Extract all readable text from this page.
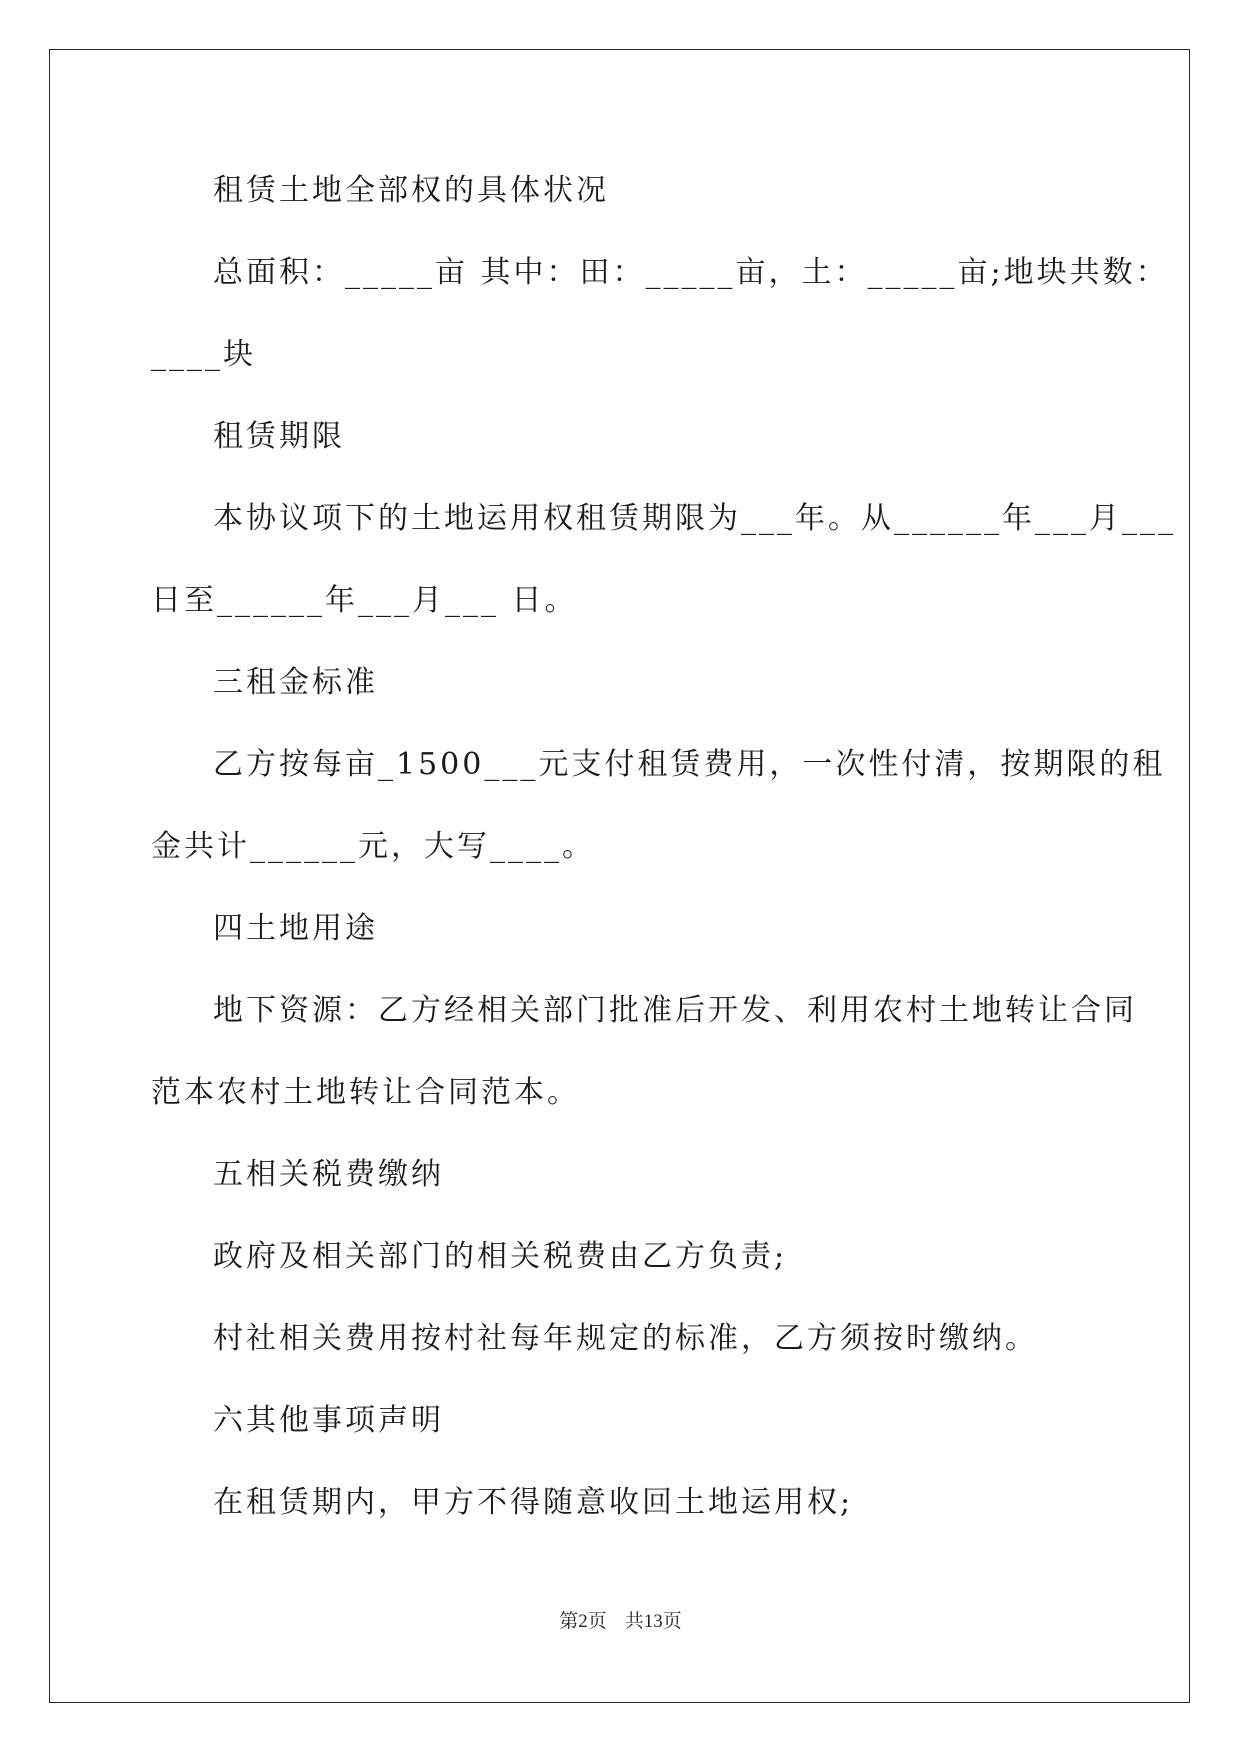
租赁土地全部权的具体状况
总面积：_____亩 其中：田：_____亩，土：_____亩;地块共数：
____块
租赁期限
本协议项下的土地运用权租赁期限为___年。从______年___月___
日至______年___月___ 日。
三租金标准
乙方按每亩_1500___元支付租赁费用，一次性付清，按期限的租
金共计______元，大写____。
四土地用途
地下资源：乙方经相关部门批准后开发、利用农村土地转让合同
范本农村土地转让合同范本。
五相关税费缴纳
政府及相关部门的相关税费由乙方负责;
村社相关费用按村社每年规定的标准，乙方须按时缴纳。
六其他事项声明
在租赁期内，甲方不得随意收回土地运用权;
第2页 共13页
